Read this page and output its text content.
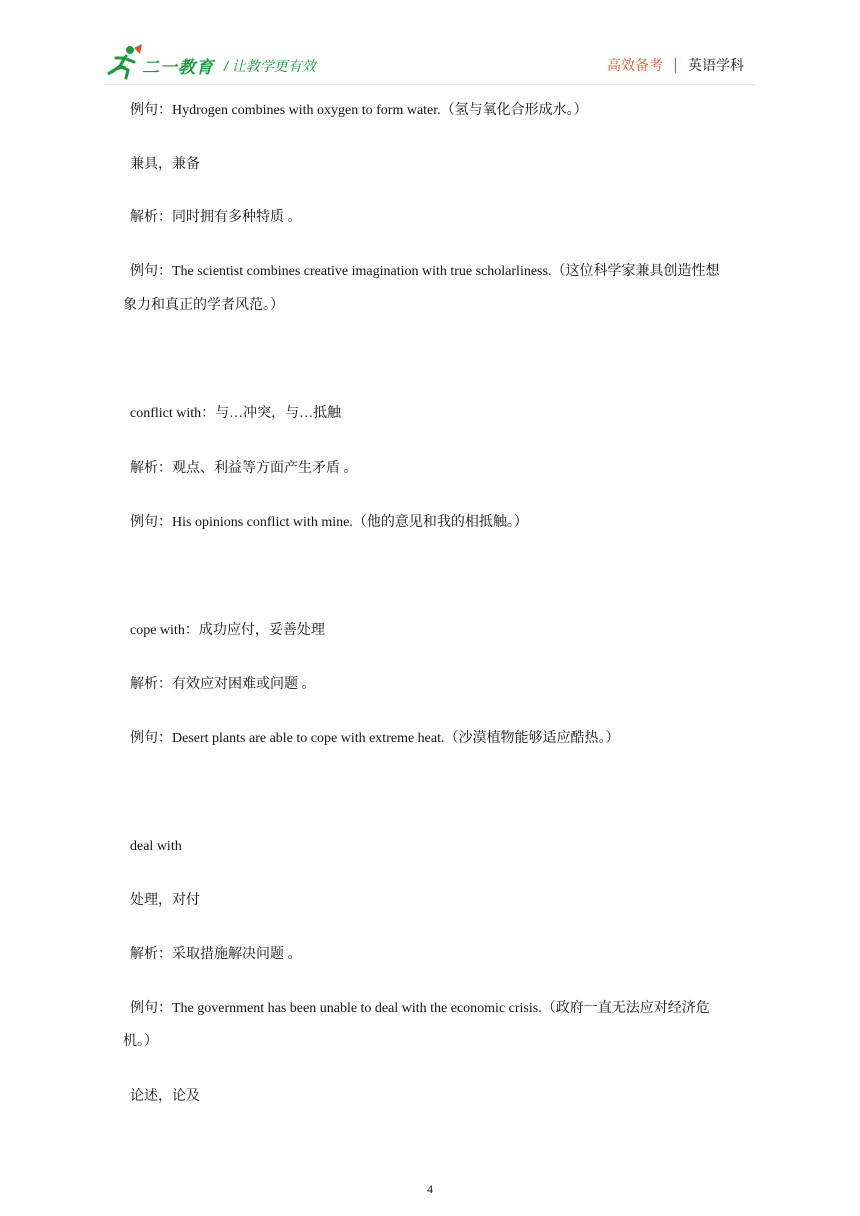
二一教育 / 让教学更有效	高效备考 英语学科
例句：Hydrogen combines with oxygen to form water.（氢与氧化合形成水。）
兼具，兼备
解析：同时拥有多种特质 。
例句：The scientist combines creative imagination with true scholarliness.（这位科学家兼具创造性想
象力和真正的学者风范。）
conflict with：与…冲突，与…抵触
解析：观点、利益等方面产生矛盾 。
例句：His opinions conflict with mine.（他的意见和我的相抵触。）
cope with：成功应付，妥善处理
解析：有效应对困难或问题 。
例句：Desert plants are able to cope with extreme heat.（沙漠植物能够适应酷热。）
deal with
处理，对付
解析：采取措施解决问题 。
例句：The government has been unable to deal with the economic crisis.（政府一直无法应对经济危
机。）
论述，论及
4
